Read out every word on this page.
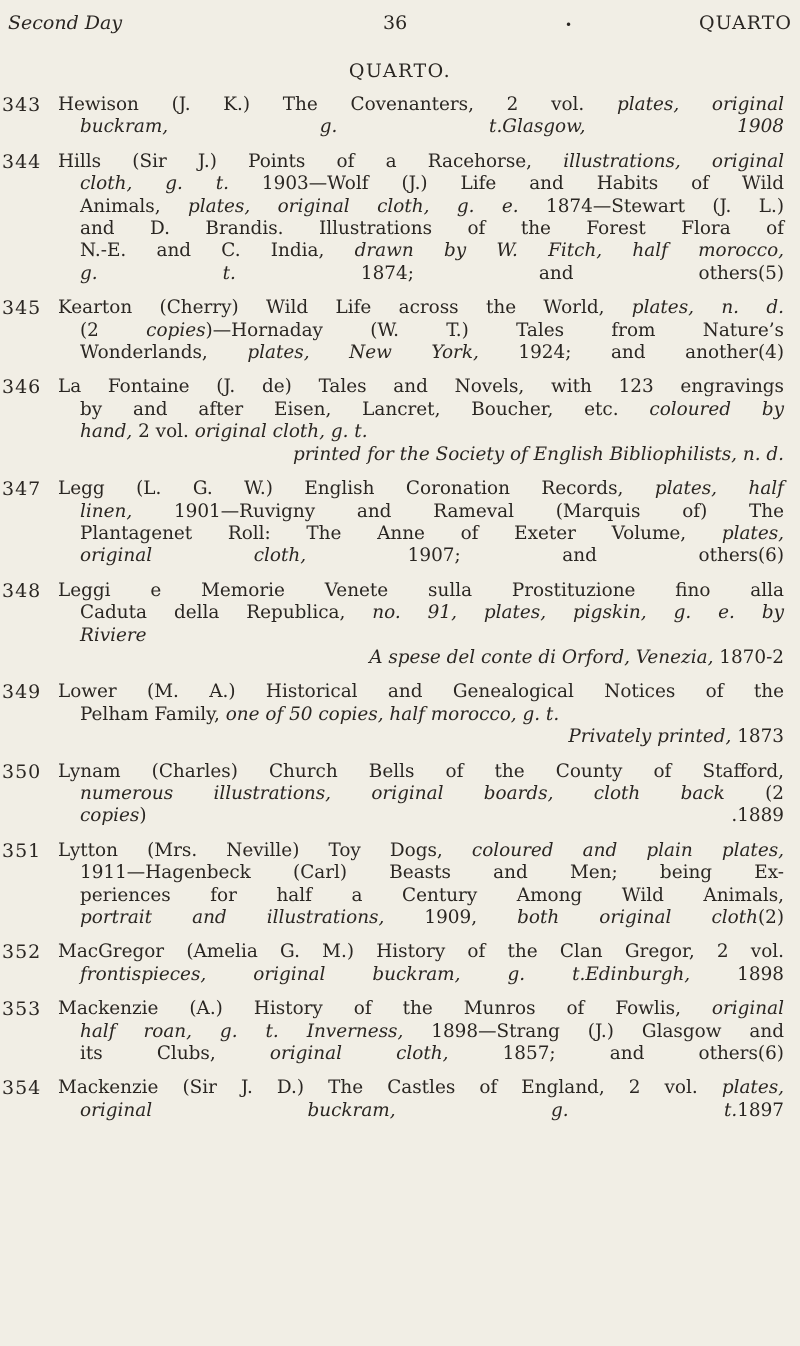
Second Day	36	•	QUARTO
QUARTO.
343 Hewison (J. K.) The Covenanters, 2 vol. plates, original
buckram, g. t.Glasgow, 1908
344 Hills (Sir J.) Points of a Racehorse, illustrations, original
cloth, g. t. 1903—Wolf (J.) Life and Habits of Wild
Animals, plates, original cloth, g. e. 1874—Stewart (J. L.)
and D. Brandis. Illustrations of the Forest Flora of
N.-E. and C. India, drawn by W. Fitch, half morocco,
g. t. 1874; and others(5)
345 Kearton (Cherry) Wild Life across the World, plates, n. d.
(2 copies)—Hornaday (W. T.) Tales from Nature’s
Wonderlands, plates, New York, 1924; and another(4)
346 La Fontaine (J. de) Tales and Novels, with 123 engravings
by and after Eisen, Lancret, Boucher, etc. coloured by
hand, 2 vol. original cloth, g. t.
printed for the Society of English Bibliophilists, n. d.
347 Legg (L. G. W.) English Coronation Records, plates, half
linen, 1901—Ruvigny and Rameval (Marquis of) The
Plantagenet Roll: The Anne of Exeter Volume, plates,
original cloth, 1907; and others(6)
348 Leggi e Memorie Venete sulla Prostituzione fino alla
Caduta della Republica, no. 91, plates, pigskin, g. e. by
Riviere
A spese del conte di Orford, Venezia, 1870-2
349 Lower (M. A.) Historical and Genealogical Notices of the
Pelham Family, one of 50 copies, half morocco, g. t.
Privately printed, 1873
350 Lynam (Charles) Church Bells of the County of Stafford,
numerous illustrations, original boards, cloth back (2
copies) .1889
351 Lytton (Mrs. Neville) Toy Dogs, coloured and plain plates,
1911—Hagenbeck (Carl) Beasts and Men; being Ex-
periences for half a Century Among Wild Animals,
portrait and illustrations, 1909, both original cloth(2)
352 MacGregor (Amelia G. M.) History of the Clan Gregor, 2 vol.
frontispieces, original buckram, g. t.Edinburgh, 1898
353 Mackenzie (A.) History of the Munros of Fowlis, original
half roan, g. t. Inverness, 1898—Strang (J.) Glasgow and
its Clubs, original cloth, 1857; and others(6)
354 Mackenzie (Sir J. D.) The Castles of England, 2 vol. plates,
original buckram, g. t.1897
